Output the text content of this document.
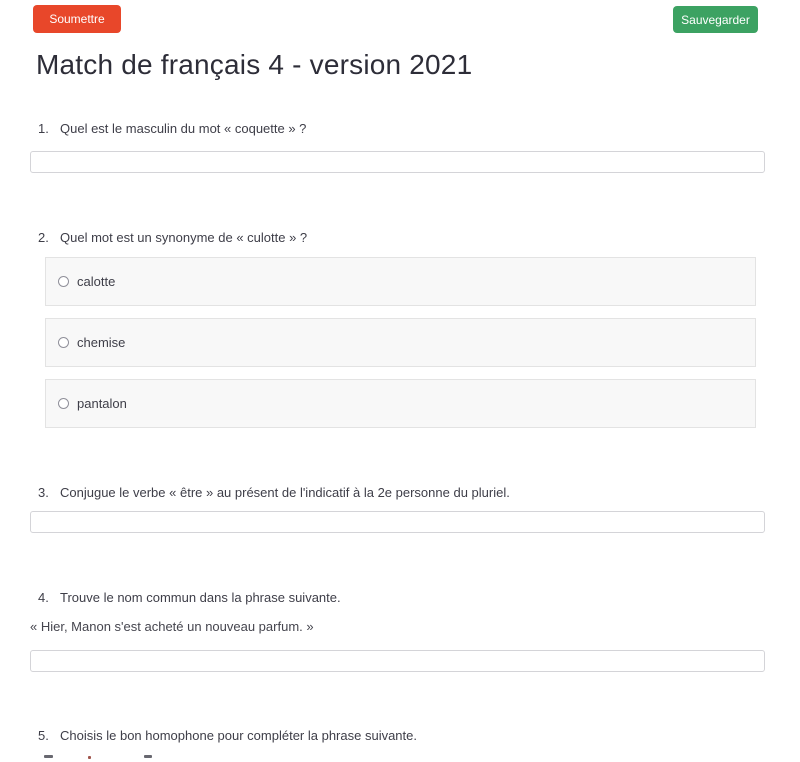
Soumettre	Sauvegarder
Match de français 4 - version 2021
1. Quel est le masculin du mot « coquette » ?
2. Quel mot est un synonyme de « culotte » ?
calotte
chemise
pantalon
3. Conjugue le verbe « être » au présent de l'indicatif à la 2e personne du pluriel.
4. Trouve le nom commun dans la phrase suivante.
« Hier, Manon s'est acheté un nouveau parfum. »
5. Choisis le bon homophone pour compléter la phrase suivante.
